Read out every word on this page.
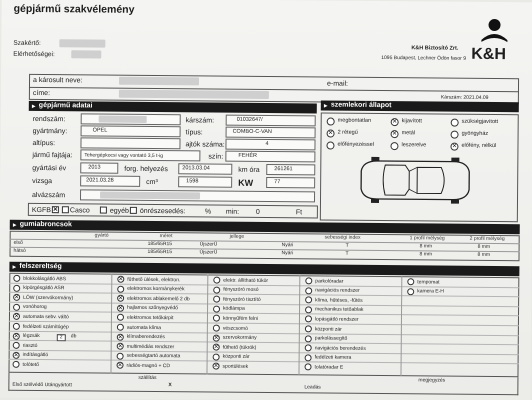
gépjármű szakvélemény
Szakértő:
Elérhetőségei:
K&H Biztosító Zrt.
1095 Budapest, Lechner Ödön fasor 9 K&H
a károsult neve:	e-mail:
címe:
Kárszám: 2021.04.09
► gépjármű adatai	► szemlekori állapot
rendszám:	kárszám:	01032647/
gyártmány:	OPEL	típus:	COMBO-C-VAN
altípus:	ajtók száma:	4
jármű fajtája: Tehergépkocsi vagy vontató 3,5 t-ig	szín:	FEHÉR
gyártási év	2013	forg. helyezés	2013.03.04	km óra	261261
vizsga	2021.03.28	cm³	1598	KW	77
alvázszám
KGFB ✕ Casco	egyéb önrészesedés:	% min: 0	Ft
megbontatlan	✕ kijavított	szükségjavított
✕ 2 rétegű	✕ metál	gyöngyház
előfényezéssel	leszerelve	✕ előfény, nélkül
► gumiabroncsok
gyártó	méret	jellege	sebességi index	1 profil mélység	2 profil mélység
első	185/65R15	ÚjszerÜ	Nyári	T	8 mm	8 mm
hátsó	185/65R15	ÚjszerÜ	Nyári	T	8 mm	8 mm
► felszereltség
blokkolásgátló ABS
kipörgésgátló ASR
✕ LÓW (szervókormány)
vonóhorog
✕ automata sebv. váltó
fedélzeti számítógép
✕ légzsák
riasztó
✕ indításgátló
tolótető
✕ fűthető ülések, elektron.
elektromos kormánykerék
✕ elektromos ablakemelő 2 db
✕ hajlamos szőnyegvédő
elektromos tetőkárpit
automata klíma
✕ klímaberendezés
✕ multimédiás rendszer
sebességtartó automata
✕ rádiós-magnó + CD
elektr. állítható tükör
fényszóró mosó
fényszóró tisztító
ködlámpa
könnyűfém felni
vészcsomó
✕ szervokormány
✕ fűthető (tükrök)
központi zár
✕ sportülések
parkolóradar
navigációs rendszer
klíma, hűtéses, -fűtés
mechanikus tetőablak
lopásgátló rendszer
központi zár
parkolássegítő
navigációs berendezés
fedélzeti kamera
tolatóradar E
tempomat
kamera E-H
2	db
szállítás	megjegyzés
Első szélvédő Utángyártott	X	Leadás
